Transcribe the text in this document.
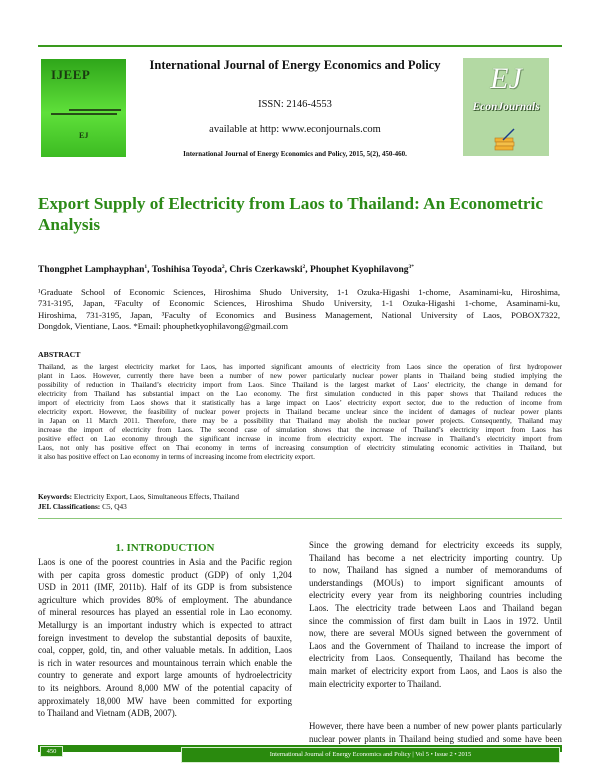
IJEEP
EJ
International Journal of Energy Economics and Policy
ISSN: 2146-4553
available at http: www.econjournals.com
International Journal of Energy Economics and Policy, 2015, 5(2), 450-460.
EJ
EconJournals
Export Supply of Electricity from Laos to Thailand: An Econometric Analysis
Thongphet Lamphayphan$^1$, Toshihisa Toyoda$^2$, Chris Czerkawski$^2$, Phouphet Kyophilavong$^{3*}$
¹Graduate School of Economic Sciences, Hiroshima Shudo University, 1-1 Ozuka-Higashi 1-chome, Asaminami-ku, Hiroshima,
731-3195, Japan, ²Faculty of Economic Sciences, Hiroshima Shudo University, 1-1 Ozuka-Higashi 1-chome, Asaminami-ku,
Hiroshima, 731-3195, Japan, ³Faculty of Economics and Business Management, National University of Laos, POBOX7322,
Dongdok, Vientiane, Laos. *Email: phouphetkyophilavong@gmail.com
ABSTRACT
Thailand, as the largest electricity market for Laos, has imported significant amounts of electricity from Laos since the operation of first hydropower
plant in Laos. However, currently there have been a number of new power particularly nuclear power plants in Thailand being studied implying the
possibility of reduction in Thailand’s electricity import from Laos. Since Thailand is the largest market of Laos’ electricity, the change in demand for
electricity from Thailand has substantial impact on the Lao economy. The first simulation conducted in this paper shows that Thailand reduces the
import of electricity from Laos shows that it statistically has a large impact on Laos’ electricity export sector, due to the reduction of income from
electricity export. However, the feasibility of nuclear power projects in Thailand became unclear since the incident of damages of nuclear power plants
in Japan on 11 March 2011. Therefore, there may be a possibility that Thailand may abolish the nuclear power projects. Consequently, Thailand may
increase the import of electricity from Laos. The second case of simulation shows that the increase of Thailand’s electricity import from Laos has
positive effect on Lao economy through the significant increase in income from electricity export. The increase in Thailand’s electricity import from
Laos, not only has positive effect on Thai economy in terms of increasing consumption of electricity stimulating economic activities in Thailand, but
it also has positive effect on Lao economy in terms of increasing income from electricity export.
Keywords: Electricity Export, Laos, Simultaneous Effects, Thailand
JEL Classifications: C5, Q43
1. INTRODUCTION
Laos is one of the poorest countries in Asia and the Pacific region
with per capita gross domestic product (GDP) of only 1,204
USD in 2011 (IMF, 2011b). Half of its GDP is from subsistence
agriculture which provides 80% of employment. The abundance
of mineral resources has played an essential role in Lao economy.
Metallurgy is an important industry which is expected to attract
foreign investment to develop the substantial deposits of bauxite,
coal, copper, gold, tin, and other valuable metals. In addition, Laos
is rich in water resources and mountainous terrain which enable the
country to generate and export large amounts of hydroelectricity
to its neighbors. Around 8,000 MW of the potential capacity of
approximately 18,000 MW have been committed for exporting
to Thailand and Vietnam (ADB, 2007).
Since the growing demand for electricity exceeds its supply,
Thailand has become a net electricity importing country. Up
to now, Thailand has signed a number of memorandums of
understandings (MOUs) to import significant amounts of
electricity every year from its neighboring countries including
Laos. The electricity trade between Laos and Thailand began
since the commission of first dam built in Laos in 1972. Until
now, there are several MOUs signed between the government of
Laos and the Government of Thailand to increase the import of
electricity from Laos. Consequently, Thailand has become the
main market of electricity export from Laos, and Laos is also the
main electricity exporter to Thailand.
However, there have been a number of new power plants particularly
nuclear power plants in Thailand being studied and some have been
450	International Journal of Energy Economics and Policy | Vol 5 • Issue 2 • 2015
